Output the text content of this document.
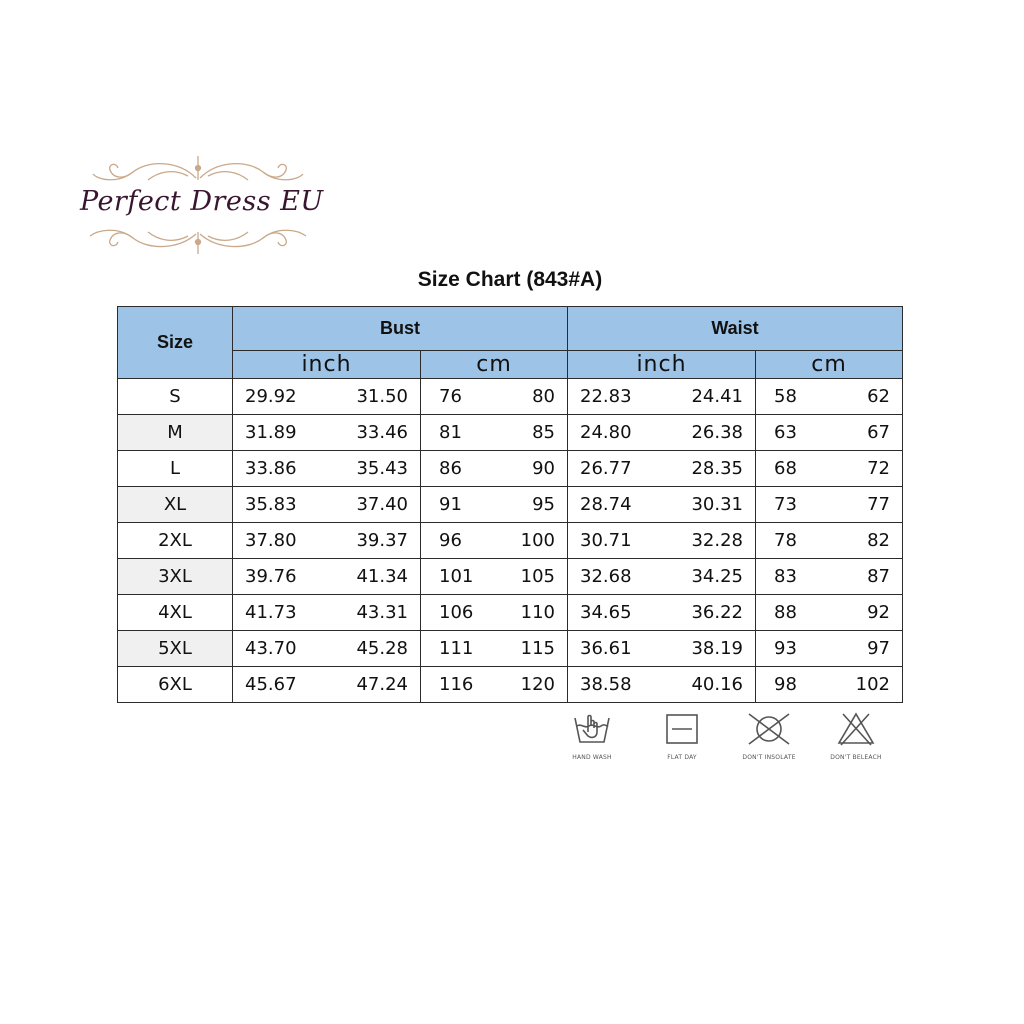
Perfect Dress EU
Size Chart (843#A)
Size	Bust		Waist	
	inch	cm	inch	cm
S	29.92 31.50	76 80	22.83 24.41	58 62

M	31.89 33.46	81 85	24.80 26.38	63 67

L	33.86 35.43	86 90	26.77 28.35	68 72

XL	35.83 37.40	91 95	28.74 30.31	73 77

2XL	37.80 39.37	96 100	30.71 32.28	78 82

3XL	39.76 41.34	101 105	32.68 34.25	83 87

4XL	41.73 43.31	106 110	34.65 36.22	88 92

5XL	43.70 45.28	111 115	36.61 38.19	93 97

6XL	45.67 47.24	116 120	38.58 40.16	98 102
HAND WASH	FLAT DAY	DON'T INSOLATE	DON'T BELEACH
